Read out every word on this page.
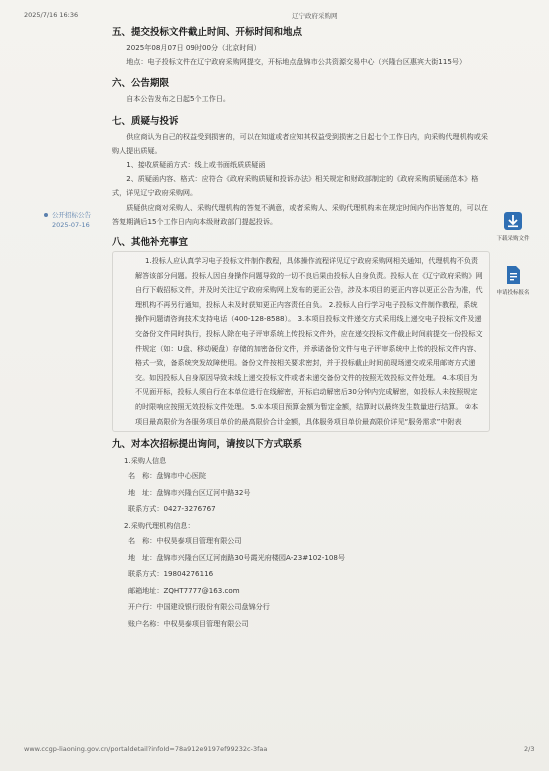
2025/7/16 16:36	辽宁政府采购网
公开招标公告
2025-07-16
下载采购文件
申请投标报名
五、提交投标文件截止时间、开标时间和地点

2025年08月07日 09时00分（北京时间）

地点：电子投标文件在辽宁政府采购网提交，开标地点盘锦市公共资源交易中心（兴隆台区惠宾大街115号）

六、公告期限

自本公告发布之日起5个工作日。

七、质疑与投诉

供应商认为自己的权益受到损害的，可以在知道或者应知其权益受到损害之日起七个工作日内，向采购代理机构或采购人提出质疑。

1、接收质疑函方式：线上或书面纸质质疑函

2、质疑函内容、格式：应符合《政府采购质疑和投诉办法》相关规定和财政部制定的《政府采购质疑函范本》格式，详见辽宁政府采购网。

质疑供应商对采购人、采购代理机构的答复不满意，或者采购人、采购代理机构未在规定时间内作出答复的，可以在答复期满后15个工作日内向本级财政部门提起投诉。

八、其他补充事宜

1.投标人应认真学习电子投标文件制作教程，具体操作流程详见辽宁政府采购网相关通知，代理机构不负责解答该部分问题。投标人因自身操作问题导致的一切不良后果由投标人自身负责。投标人在《辽宁政府采购》网自行下载招标文件，并及时关注辽宁政府采购网上发布的更正公告，涉及本项目的更正内容以更正公告为准，代理机构不再另行通知，投标人未及时获知更正内容责任自负。 2.投标人自行学习电子投标文件制作教程，系统操作问题请咨询技术支持电话（400-128-8588）。 3.本项目投标文件递交方式采用线上递交电子投标文件及递交备份文件同时执行，投标人除在电子评审系统上传投标文件外，应在递交投标文件截止时间前提交一份投标文件规定（如：U盘、移动硬盘）存储的加密备份文件，并承诺备份文件与电子评审系统中上传的投标文件内容、格式一致，备系统突发故障使用。备份文件按相关要求密封，并于投标截止时间前现场递交或采用邮寄方式递交。如因投标人自身原因导致未线上递交投标文件或者未递交备份文件的按照无效投标文件处理。 4.本项目为不见面开标，投标人须自行在本单位进行在线解密，开标启动解密后30分钟内完成解密，如投标人未按照规定的时限响应按照无效投标文件处理。 5.①本项目预算金额为暂定金额，结算时以最终发生数量进行结算。 ②本项目最高限价为各服务项目单价的最高限价合计金额，具体服务项目单价最高限价详见“服务需求”中附表

九、对本次招标提出询问，请按以下方式联系

1.采购人信息

名　称：盘锦市中心医院
地　址：盘锦市兴隆台区辽河中路32号
联系方式：0427-3276767

2.采购代理机构信息：

名　称：中权昊泰项目管理有限公司
地　址：盘锦市兴隆台区辽河南路30号霞光府楼园A-23#102-108号
联系方式：19804276116
邮箱地址：ZQHT7777@163.com
开户行：中国建设银行股份有限公司盘锦分行
账户名称：中权昊泰项目管理有限公司
www.ccgp-liaoning.gov.cn/portaldetail?infoId=78a912e9197ef99232c-3faa	2/3
